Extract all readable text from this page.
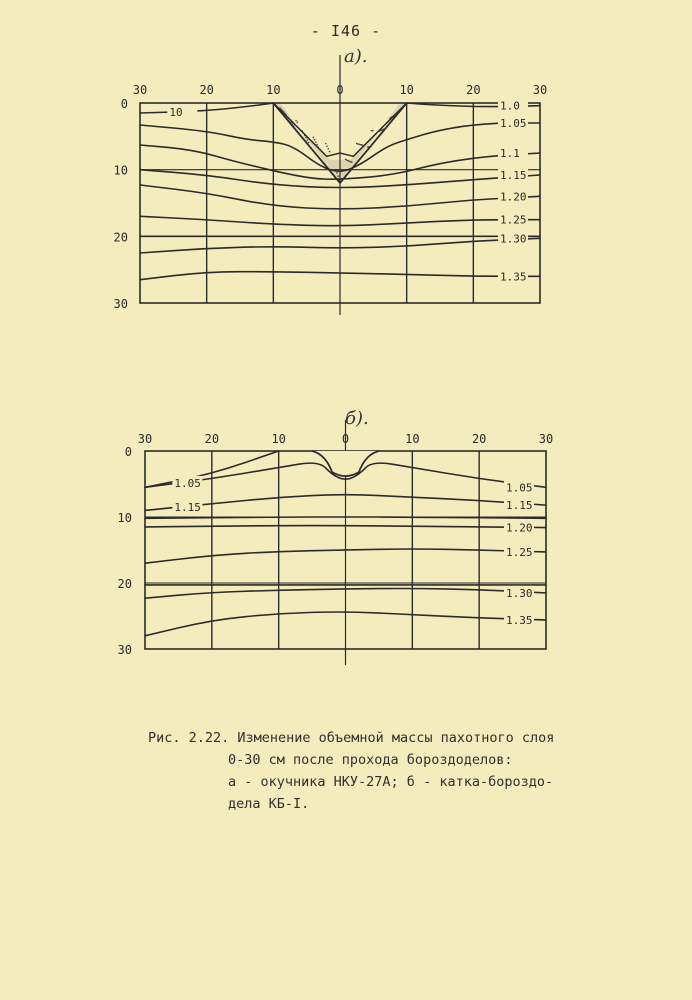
- I46 -
а).
б).
10	1.0
1.05
1.1
1.15
1.20
1.25
1.30
1.35
30	20	10	0	10	20	30
0
10
20
30
1.05	1.05
1.15	1.15
1.20
1.25
1.30
1.35
30	20	10	0	10	20	30
0
10
20
30
Рис. 2.22. Изменение объемной массы пахотного слоя
0-30 см после прохода бороздоделов:
а - окучника НКУ-27А; б - катка-бороздо-
дела КБ-I.
